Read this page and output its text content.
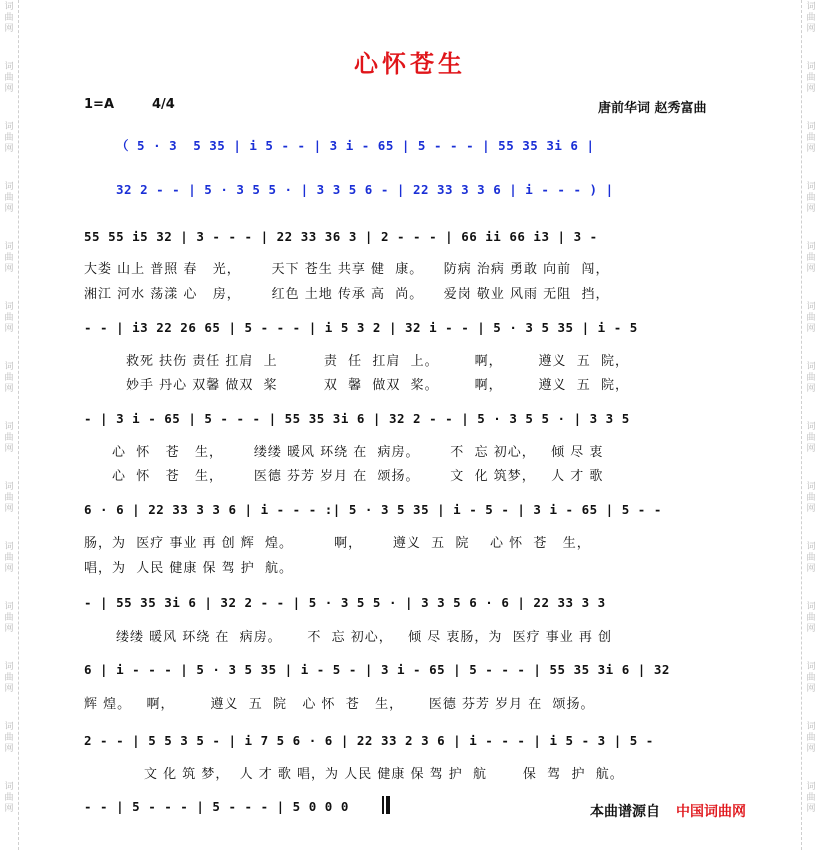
词
曲
网
词
曲
网
词
曲
网
词
曲
网
词
曲
网
词
曲
网
词
曲
网
词
曲
网
词
曲
网
词
曲
网
词
曲
网
词
曲
网
词
曲
网
词
曲
网
词
曲
网
词
曲
网
词
曲
网
词
曲
网
词
曲
网
词
曲
网
词
曲
网
词
曲
网
词
曲
网
词
曲
网
词
曲
网
词
曲
网
词
曲
网
词
曲
网
心怀苍生
1=A	4/4	唐前华词 赵秀富曲
（ 5 · 3  5 35 | i 5 - - | 3 i - 65 | 5 - - - | 55 35 3i 6 |
32 2 - - | 5 · 3 5 5 · | 3 3 5 6 - | 22 33 3 3 6 | i - - - ) |
55 55 i5 32 | 3 - - - | 22 33 36 3 | 2 - - - | 66 ii 66 i3 | 3 -
大娄 山上 普照 春   光，      天下 苍生 共享 健  康。    防病 治病 勇敢 向前  闯，
湘江 河水 荡漾 心   房，      红色 土地 传承 高  尚。    爱岗 敬业 风雨 无阻  挡，
- - | i3 22 26 65 | 5 - - - | i 5 3 2 | 32 i - - | 5 · 3 5 35 | i - 5
救死 扶伤 责任 扛肩  上         责  任  扛肩  上。       啊，       遵义  五  院，
妙手 丹心 双馨 做双  桨         双  馨  做双  桨。       啊，       遵义  五  院，
- | 3 i - 65 | 5 - - - | 55 35 3i 6 | 32 2 - - | 5 · 3 5 5 · | 3 3 5
心  怀   苍   生，      缕缕 暖风 环绕 在  病房。      不  忘 初心，   倾 尽 衷
心  怀   苍   生，      医德 芬芳 岁月 在  颂扬。      文  化 筑梦，   人 才 歌
6 · 6 | 22 33 3 3 6 | i - - - :| 5 · 3 5 35 | i - 5 - | 3 i - 65 | 5 - -
肠，为  医疗 事业 再 创 辉  煌。        啊，      遵义  五  院    心 怀  苍   生，
唱，为  人民 健康 保 驾 护  航。
- | 55 35 3i 6 | 32 2 - - | 5 · 3 5 5 · | 3 3 5 6 · 6 | 22 33 3 3
缕缕 暖风 环绕 在  病房。     不  忘 初心，   倾 尽 衷肠，为  医疗 事业 再 创
6 | i - - - | 5 · 3 5 35 | i - 5 - | 3 i - 65 | 5 - - - | 55 35 3i 6 | 32
辉 煌。   啊，       遵义  五  院   心 怀  苍   生，     医德 芬芳 岁月 在  颂扬。
2 - - | 5 5 3 5 - | i 7 5 6 · 6 | 22 33 2 3 6 | i - - - | i 5 - 3 | 5 -
文 化 筑 梦，  人 才 歌 唱，为 人民 健康 保 驾 护  航       保  驾  护  航。
- - | 5 - - - | 5 - - - | 5 0 0 0	本曲谱源自 中国词曲网
